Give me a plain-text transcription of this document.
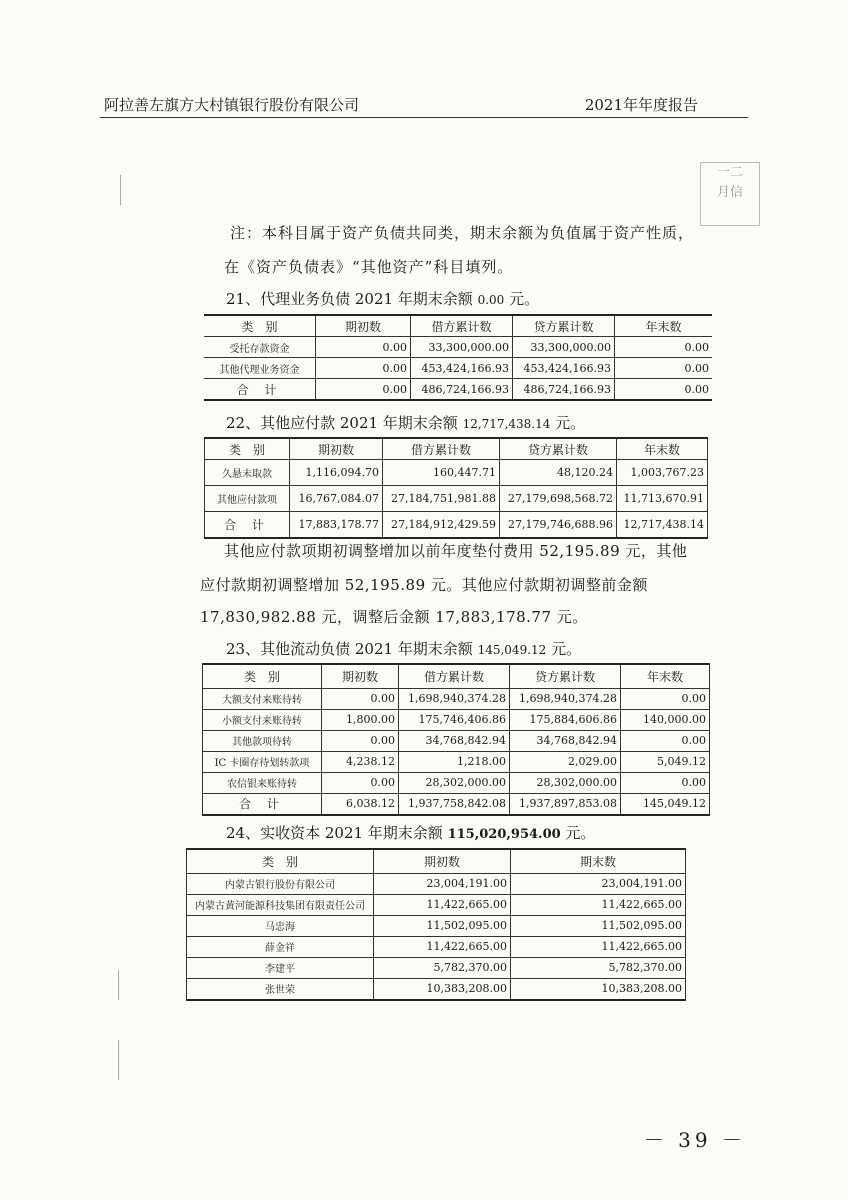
阿拉善左旗方大村镇银行股份有限公司	2021年年度报告
一二
月信
注：本科目属于资产负债共同类，期末余额为负值属于资产性质，
在《资产负债表》“其他资产”科目填列。
21、代理业务负债 2021 年期末余额 0.00 元。
类　别	期初数	借方累计数	贷方累计数	年末数
受托存款资金	0.00	33,300,000.00	33,300,000.00	0.00
其他代理业务资金	0.00	453,424,166.93	453,424,166.93	0.00
合 计	0.00	486,724,166.93	486,724,166.93	0.00
22、其他应付款 2021 年期末余额 12,717,438.14 元。
类　别	期初数	借方累计数	贷方累计数	年末数
久悬未取款	1,116,094.70	160,447.71	48,120.24	1,003,767.23
其他应付款项	16,767,084.07	27,184,751,981.88	27,179,698,568.72	11,713,670.91
合 计	17,883,178.77	27,184,912,429.59	27,179,746,688.96	12,717,438.14
其他应付款项期初调整增加以前年度垫付费用 52,195.89 元，其他
应付款期初调整增加 52,195.89 元。其他应付款期初调整前金额
17,830,982.88 元，调整后金额 17,883,178.77 元。
23、其他流动负债 2021 年期末余额 145,049.12 元。
类　别	期初数	借方累计数	贷方累计数	年末数
大额支付来账待转	0.00	1,698,940,374.28	1,698,940,374.28	0.00
小额支付来账待转	1,800.00	175,746,406.86	175,884,606.86	140,000.00
其他款项待转	0.00	34,768,842.94	34,768,842.94	0.00
IC 卡圈存待划转款项	4,238.12	1,218.00	2,029.00	5,049.12
农信银来账待转	0.00	28,302,000.00	28,302,000.00	0.00
合 计	6,038.12	1,937,758,842.08	1,937,897,853.08	145,049.12
24、实收资本 2021 年期末余额 115,020,954.00 元。
类　别	期初数	期末数
内蒙古银行股份有限公司	23,004,191.00	23,004,191.00
内蒙古黄河能源科技集团有限责任公司	11,422,665.00	11,422,665.00
马忠海	11,502,095.00	11,502,095.00
薛金祥	11,422,665.00	11,422,665.00
李建平	5,782,370.00	5,782,370.00
张世荣	10,383,208.00	10,383,208.00
－ 39 －
